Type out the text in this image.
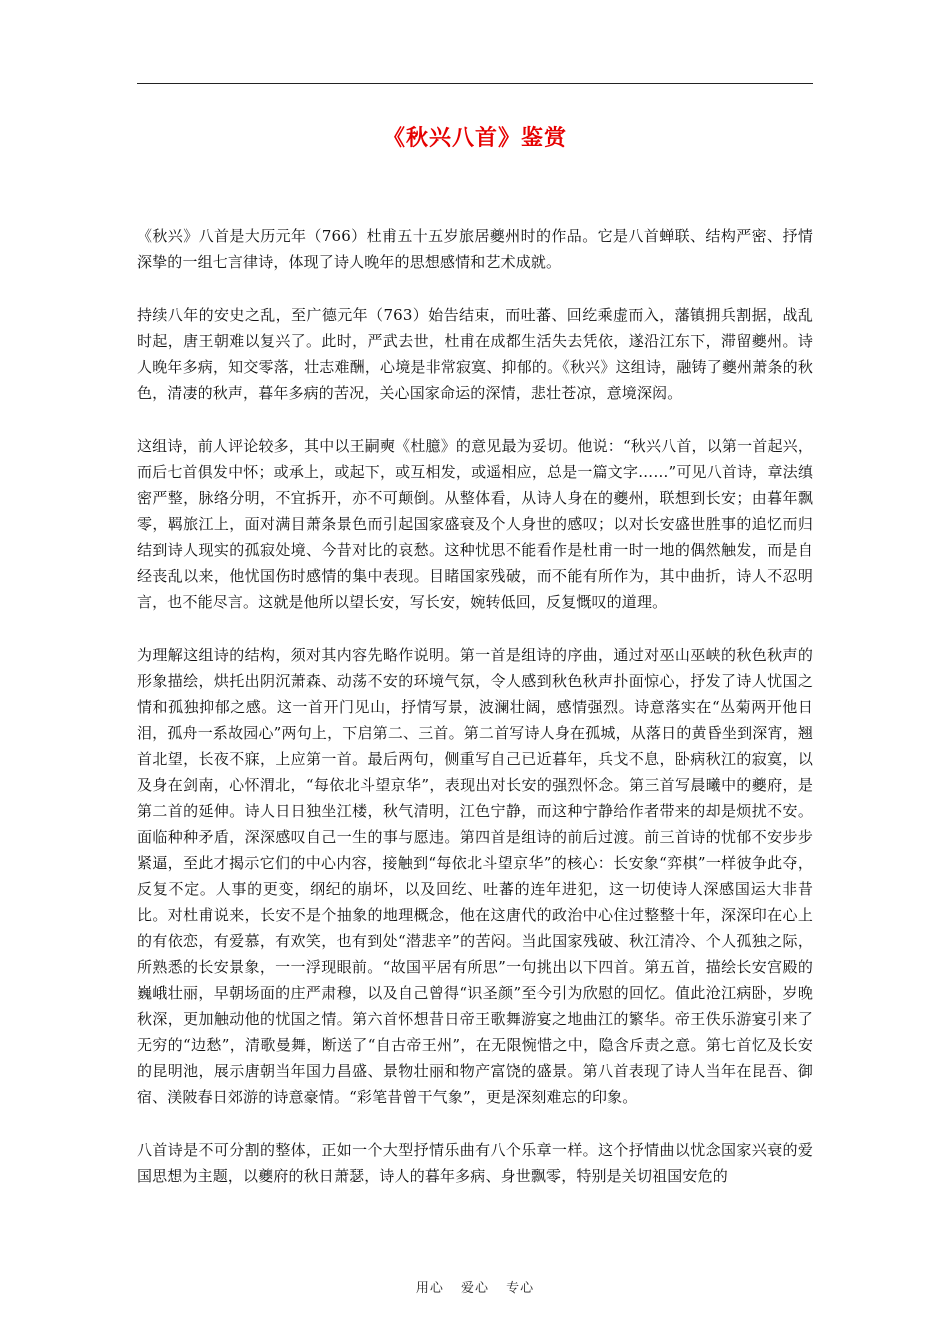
《秋兴八首》鉴赏

《秋兴》八首是大历元年（766）杜甫五十五岁旅居夔州时的作品。它是八首蝉联、结构严密、抒情深挚的一组七言律诗，体现了诗人晚年的思想感情和艺术成就。

持续八年的安史之乱，至广德元年（763）始告结束，而吐蕃、回纥乘虚而入，藩镇拥兵割据，战乱时起，唐王朝难以复兴了。此时，严武去世，杜甫在成都生活失去凭依，遂沿江东下，滞留夔州。诗人晚年多病，知交零落，壮志难酬，心境是非常寂寞、抑郁的。《秋兴》这组诗，融铸了夔州萧条的秋色，清凄的秋声，暮年多病的苦况，关心国家命运的深情，悲壮苍凉，意境深闳。

这组诗，前人评论较多，其中以王嗣奭《杜臆》的意见最为妥切。他说：“秋兴八首，以第一首起兴，而后七首俱发中怀；或承上，或起下，或互相发，或遥相应，总是一篇文字……”可见八首诗，章法缜密严整，脉络分明，不宜拆开，亦不可颠倒。从整体看，从诗人身在的夔州，联想到长安；由暮年飘零，羁旅江上，面对满目萧条景色而引起国家盛衰及个人身世的感叹；以对长安盛世胜事的追忆而归结到诗人现实的孤寂处境、今昔对比的哀愁。这种忧思不能看作是杜甫一时一地的偶然触发，而是自经丧乱以来，他忧国伤时感情的集中表现。目睹国家残破，而不能有所作为，其中曲折，诗人不忍明言，也不能尽言。这就是他所以望长安，写长安，婉转低回，反复慨叹的道理。

为理解这组诗的结构，须对其内容先略作说明。第一首是组诗的序曲，通过对巫山巫峡的秋色秋声的形象描绘，烘托出阴沉萧森、动荡不安的环境气氛，令人感到秋色秋声扑面惊心，抒发了诗人忧国之情和孤独抑郁之感。这一首开门见山，抒情写景，波澜壮阔，感情强烈。诗意落实在“丛菊两开他日泪，孤舟一系故园心”两句上，下启第二、三首。第二首写诗人身在孤城，从落日的黄昏坐到深宵，翘首北望，长夜不寐，上应第一首。最后两句，侧重写自己已近暮年，兵戈不息，卧病秋江的寂寞，以及身在剑南，心怀渭北，“每依北斗望京华”，表现出对长安的强烈怀念。第三首写晨曦中的夔府，是第二首的延伸。诗人日日独坐江楼，秋气清明，江色宁静，而这种宁静给作者带来的却是烦扰不安。面临种种矛盾，深深感叹自己一生的事与愿违。第四首是组诗的前后过渡。前三首诗的忧郁不安步步紧逼，至此才揭示它们的中心内容，接触到“每依北斗望京华”的核心：长安象“弈棋”一样彼争此夺，反复不定。人事的更变，纲纪的崩坏，以及回纥、吐蕃的连年进犯，这一切使诗人深感国运大非昔比。对杜甫说来，长安不是个抽象的地理概念，他在这唐代的政治中心住过整整十年，深深印在心上的有依恋，有爱慕，有欢笑，也有到处“潜悲辛”的苦闷。当此国家残破、秋江清冷、个人孤独之际，所熟悉的长安景象，一一浮现眼前。“故国平居有所思”一句挑出以下四首。第五首，描绘长安宫殿的巍峨壮丽，早朝场面的庄严肃穆，以及自己曾得“识圣颜”至今引为欣慰的回忆。值此沧江病卧，岁晚秋深，更加触动他的忧国之情。第六首怀想昔日帝王歌舞游宴之地曲江的繁华。帝王佚乐游宴引来了无穷的“边愁”，清歌曼舞，断送了“自古帝王州”，在无限惋惜之中，隐含斥责之意。第七首忆及长安的昆明池，展示唐朝当年国力昌盛、景物壮丽和物产富饶的盛景。第八首表现了诗人当年在昆吾、御宿、渼陂春日郊游的诗意豪情。“彩笔昔曾干气象”，更是深刻难忘的印象。

八首诗是不可分割的整体，正如一个大型抒情乐曲有八个乐章一样。这个抒情曲以忧念国家兴衰的爱国思想为主题，以夔府的秋日萧瑟，诗人的暮年多病、身世飘零，特别是关切祖国安危的

用心 爱心 专心
